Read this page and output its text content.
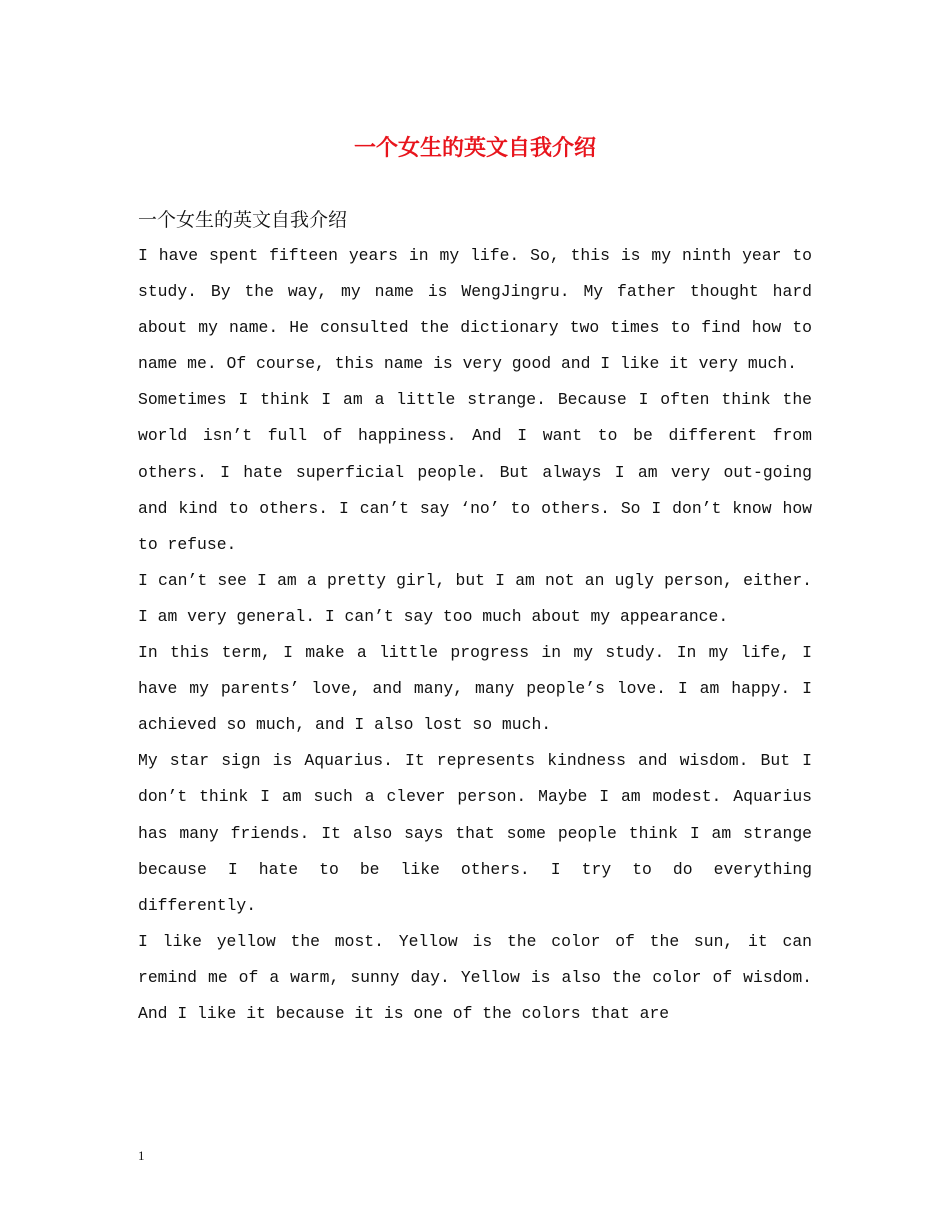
一个女生的英文自我介绍
一个女生的英文自我介绍

I have spent fifteen years in my life. So, this is my ninth year to study. By the way, my name is WengJingru. My father thought hard about my name. He consulted the dictionary two times to find how to name me. Of course, this name is very good and I like it very much.

Sometimes I think I am a little strange. Because I often think the world isn’t full of happiness. And I want to be different from others. I hate superficial people. But always I am very out-going and kind to others. I can’t say ‘no’ to others. So I don’t know how to refuse.

I can’t see I am a pretty girl, but I am not an ugly person, either. I am very general. I can’t say too much about my appearance.

In this term, I make a little progress in my study. In my life, I have my parents’ love, and many, many people’s love. I am happy. I achieved so much, and I also lost so much.

My star sign is Aquarius. It represents kindness and wisdom. But I don’t think I am such a clever person. Maybe I am modest. Aquarius has many friends. It also says that some people think I am strange because I hate to be like others. I try to do everything differently.

I like yellow the most. Yellow is the color of the sun, it can remind me of a warm, sunny day. Yellow is also the color of wisdom. And I like it because it is one of the colors that are

1
